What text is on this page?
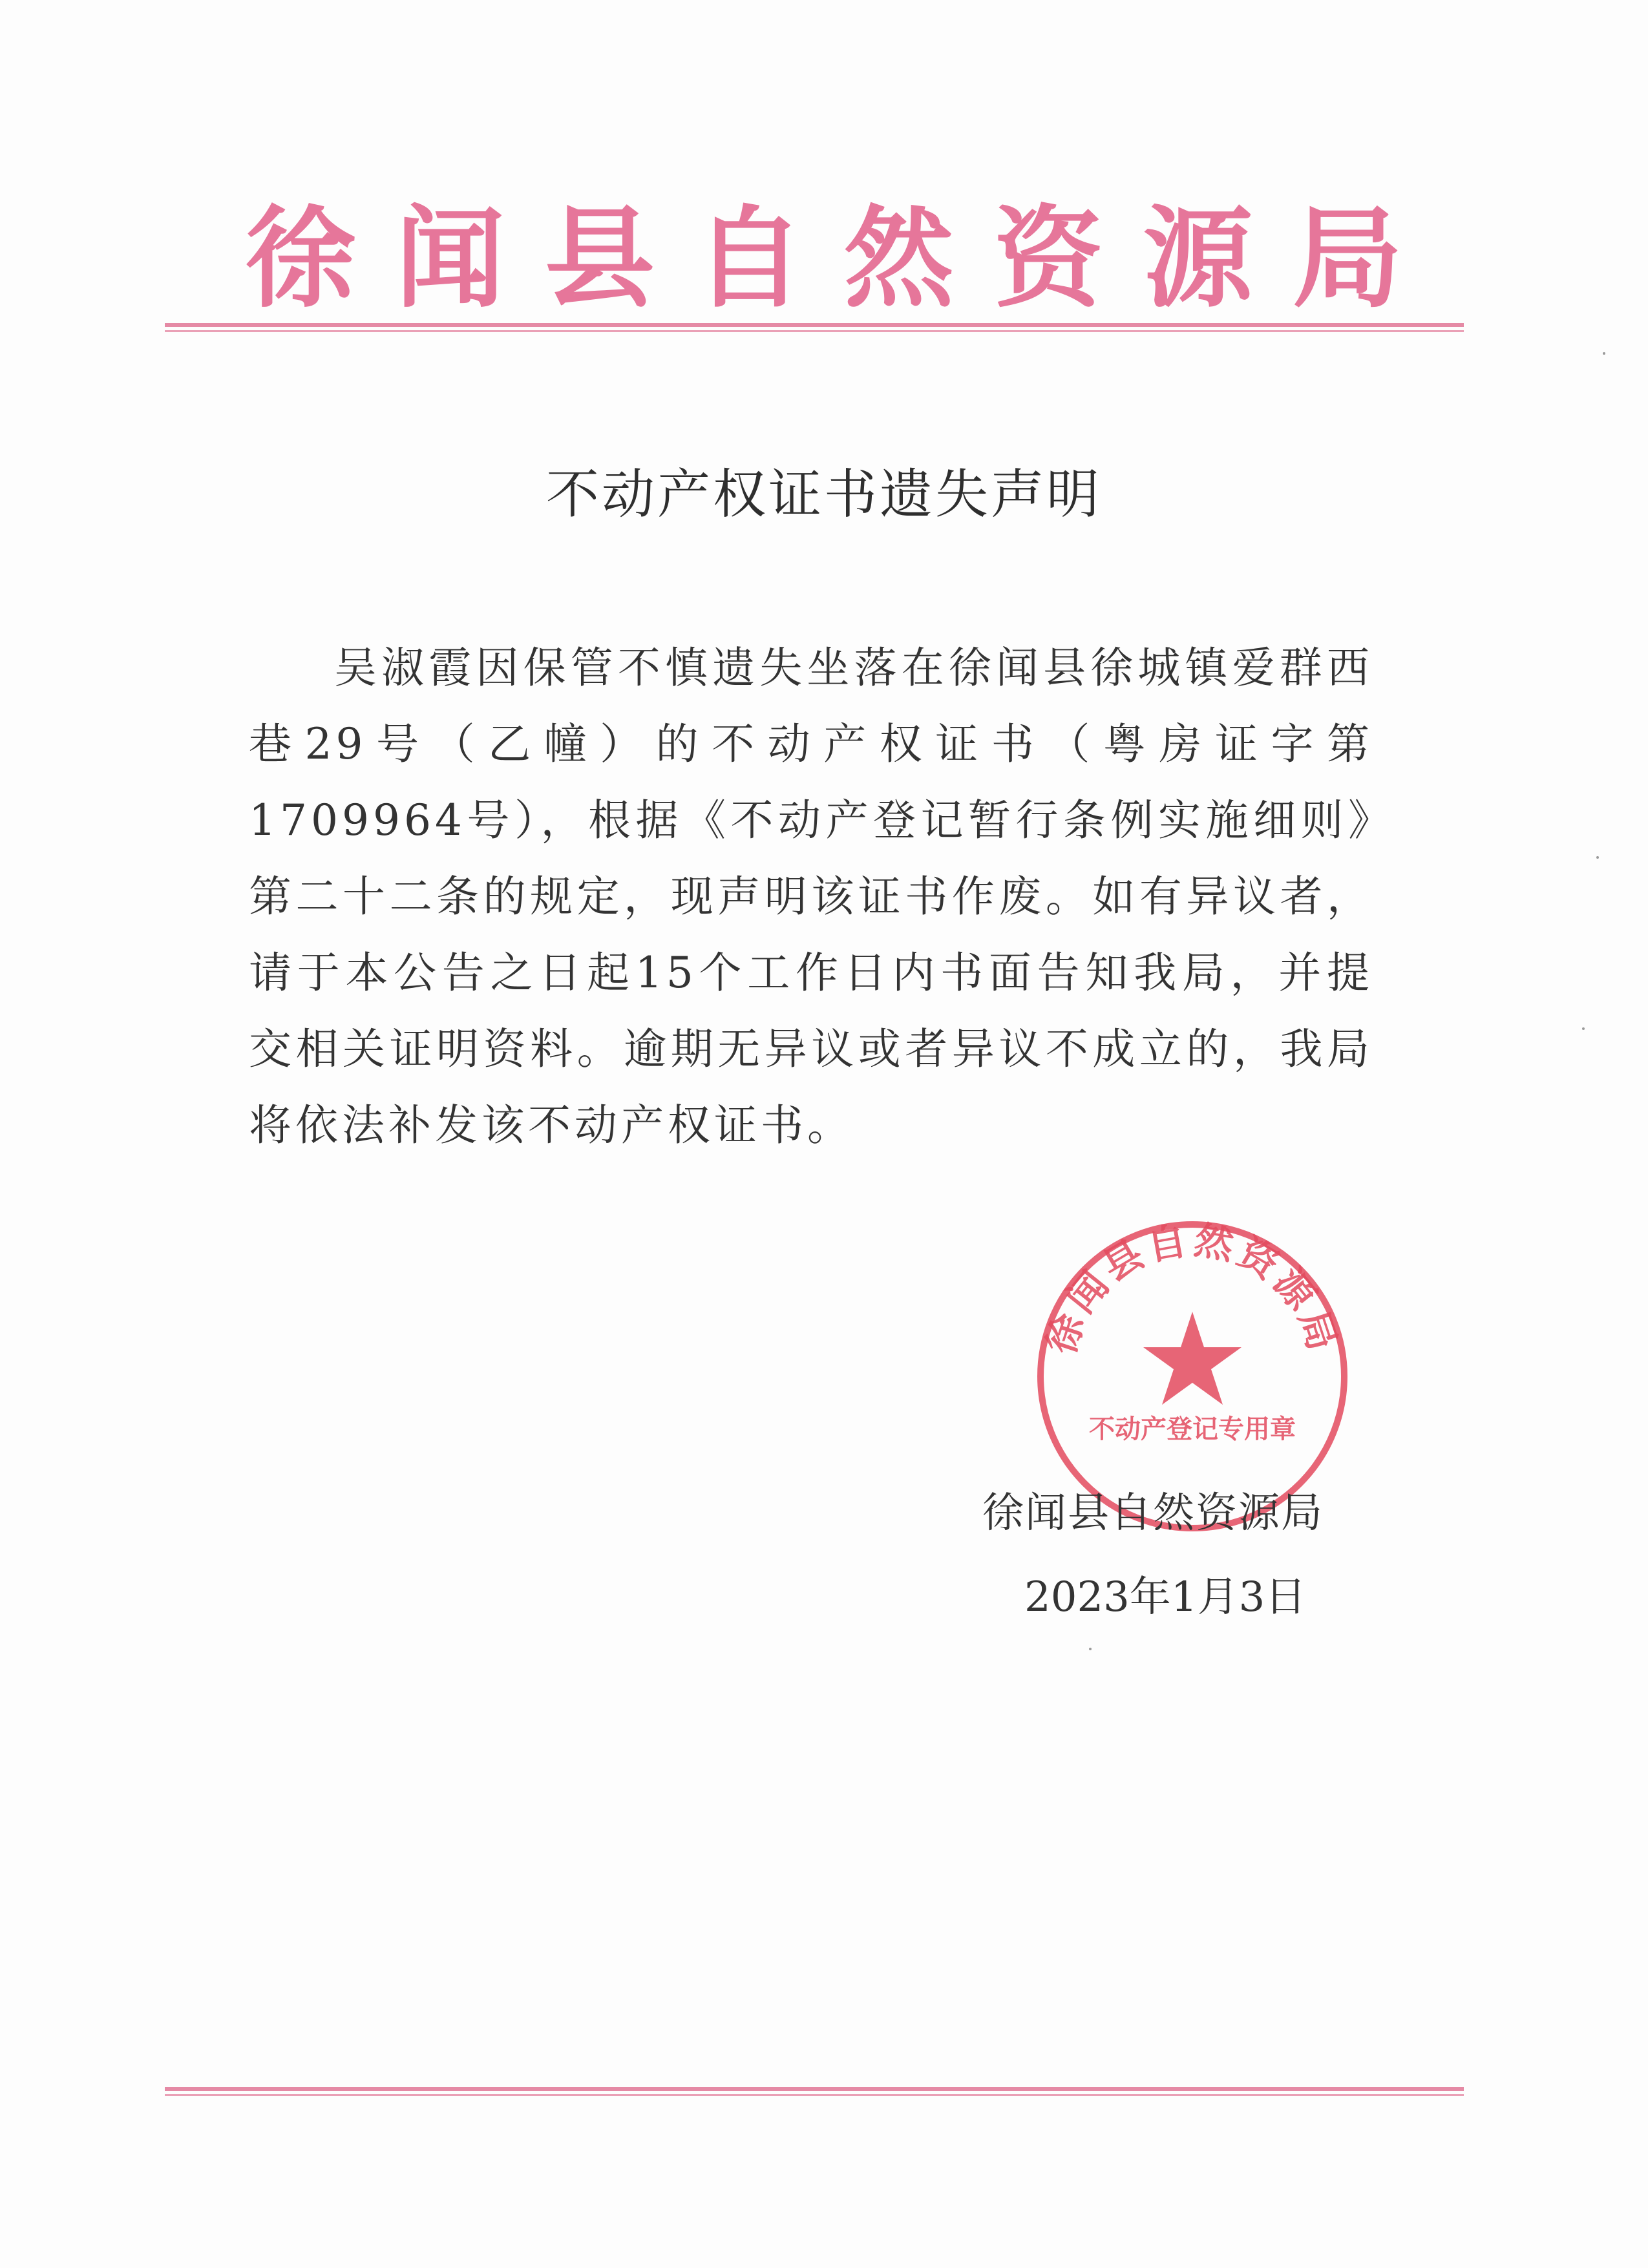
徐 闻 县 自 然 资 源 局
不动产权证书遗失声明
吴淑霞因保管不慎遗失坐落在徐闻县徐城镇爱群西巷29号（乙幢）的不动产权证书（粤房证字第1709964号），根据《不动产登记暂行条例实施细则》第二十二条的规定，现声明该证书作废。如有异议者，请于本公告之日起15个工作日内书面告知我局，并提交相关证明资料。逾期无异议或者异议不成立的，我局将依法补发该不动产权证书。
徐闻县自然资源局
不动产登记专用章
徐闻县自然资源局
2023年1月3日
